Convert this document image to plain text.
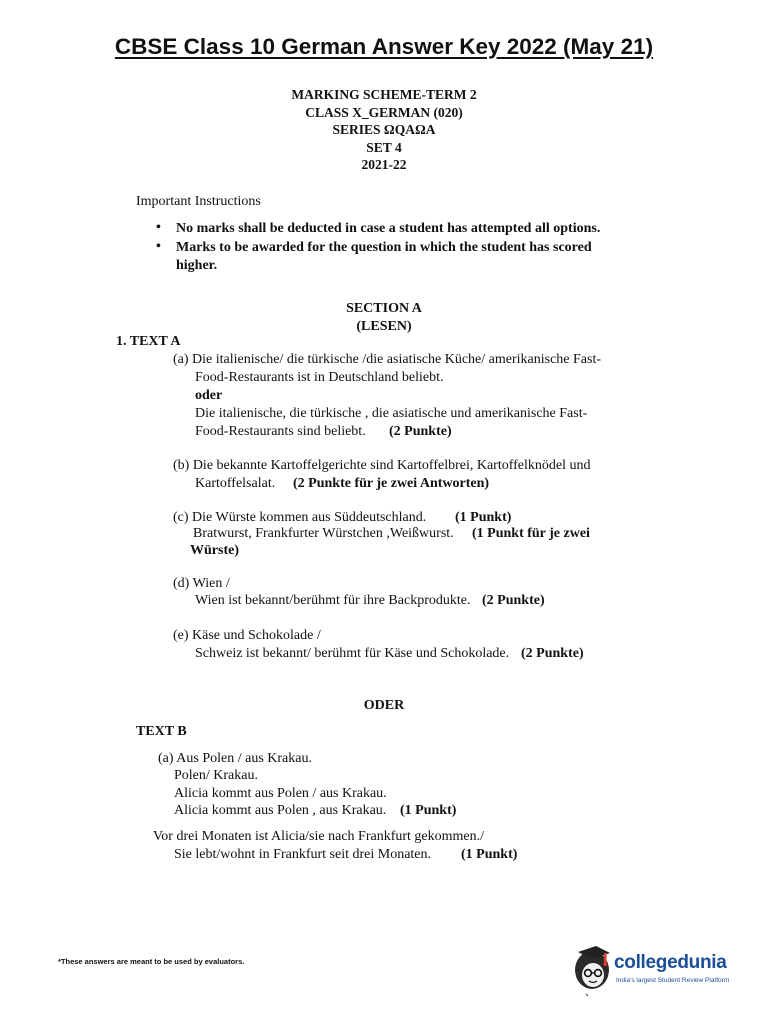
CBSE Class 10 German Answer Key 2022 (May 21)
MARKING SCHEME-TERM 2
CLASS X_GERMAN (020)
SERIES ΩQAΩA
SET 4
2021-22
Important Instructions
• No marks shall be deducted in case a student has attempted all options.
• Marks to be awarded for the question in which the student has scored
higher.
SECTION A
(LESEN)
1. TEXT A
(a) Die italienische/ die türkische /die asiatische Küche/ amerikanische Fast-
Food-Restaurants ist in Deutschland beliebt.
oder
Die italienische, die türkische , die asiatische und amerikanische Fast-
Food-Restaurants sind beliebt. (2 Punkte)
(b) Die bekannte Kartoffelgerichte sind Kartoffelbrei, Kartoffelknödel und
Kartoffelsalat. (2 Punkte für je zwei Antworten)
(c) Die Würste kommen aus Süddeutschland. (1 Punkt)
Bratwurst, Frankfurter Würstchen ,Weißwurst. (1 Punkt für je zwei
Würste)
(d) Wien /
Wien ist bekannt/berühmt für ihre Backprodukte. (2 Punkte)
(e) Käse und Schokolade /
Schweiz ist bekannt/ berühmt für Käse und Schokolade. (2 Punkte)
ODER
TEXT B
(a) Aus Polen / aus Krakau.
Polen/ Krakau.
Alicia kommt aus Polen / aus Krakau.
Alicia kommt aus Polen , aus Krakau. (1 Punkt)
Vor drei Monaten ist Alicia/sie nach Frankfurt gekommen./
Sie lebt/wohnt in Frankfurt seit drei Monaten. (1 Punkt)
*These answers are meant to be used by evaluators.	collegedunia
India's largest Student Review Platform
